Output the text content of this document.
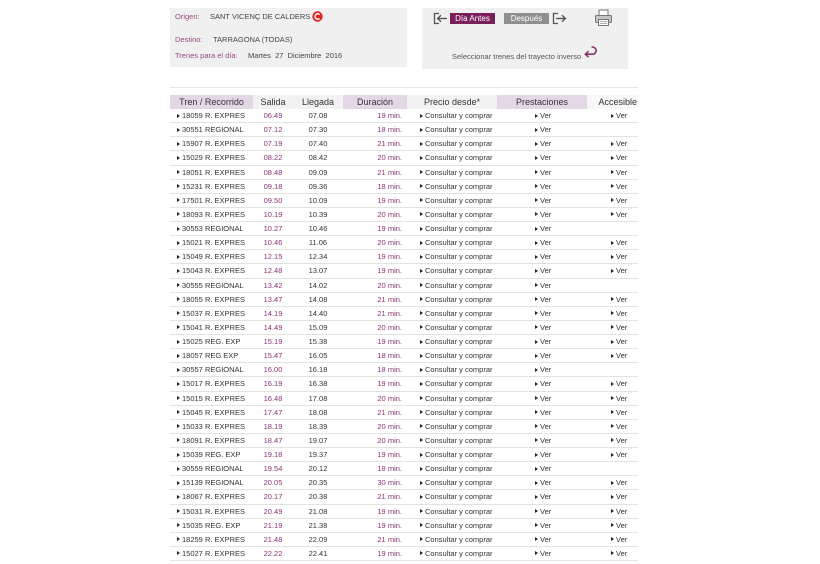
Origen: SANT VICENÇ DE CALDERS
Destino: TARRAGONA (TODAS)
Trenes para el día: Martes  27  Diciembre  2016
Día Antes	Después
Seleccionar trenes del trayecto inverso
Tren / Recorrido	Salida	Llegada	Duración	Precio desde*	Prestaciones	Accesible
18059 R. EXPRES	06.49	07.08	19 min.	Consultar y comprar	Ver	Ver
30551 REGIONAL	07.12	07.30	18 min.	Consultar y comprar	Ver
15907 R. EXPRES	07.19	07.40	21 min.	Consultar y comprar	Ver	Ver
15029 R. EXPRES	08.22	08.42	20 min.	Consultar y comprar	Ver	Ver
18051 R. EXPRES	08.48	09.09	21 min.	Consultar y comprar	Ver	Ver
15231 R. EXPRES	09.18	09.36	18 min.	Consultar y comprar	Ver	Ver
17501 R. EXPRES	09.50	10.09	19 min.	Consultar y comprar	Ver	Ver
18093 R. EXPRES	10.19	10.39	20 min.	Consultar y comprar	Ver	Ver
30553 REGIONAL	10.27	10.46	19 min.	Consultar y comprar	Ver
15021 R. EXPRES	10.46	11.06	20 min.	Consultar y comprar	Ver	Ver
15049 R. EXPRES	12.15	12.34	19 min.	Consultar y comprar	Ver	Ver
15043 R. EXPRES	12.48	13.07	19 min.	Consultar y comprar	Ver	Ver
30555 REGIONAL	13.42	14.02	20 min.	Consultar y comprar	Ver
18055 R. EXPRES	13.47	14.08	21 min.	Consultar y comprar	Ver	Ver
15037 R. EXPRES	14.19	14.40	21 min.	Consultar y comprar	Ver	Ver
15041 R. EXPRES	14.49	15.09	20 min.	Consultar y comprar	Ver	Ver
15025 REG. EXP	15.19	15.38	19 min.	Consultar y comprar	Ver	Ver
18057 REG EXP	15.47	16.05	18 min.	Consultar y comprar	Ver	Ver
30557 REGIONAL	16.00	16.18	18 min.	Consultar y comprar	Ver
15017 R. EXPRES	16.19	16.38	19 min.	Consultar y comprar	Ver	Ver
15015 R. EXPRES	16.48	17.08	20 min.	Consultar y comprar	Ver	Ver
15045 R. EXPRES	17.47	18.08	21 min.	Consultar y comprar	Ver	Ver
15033 R. EXPRES	18.19	18.39	20 min.	Consultar y comprar	Ver	Ver
18091 R. EXPRES	18.47	19.07	20 min.	Consultar y comprar	Ver	Ver
15039 REG. EXP	19.18	19.37	19 min.	Consultar y comprar	Ver	Ver
30559 REGIONAL	19.54	20.12	18 min.	Consultar y comprar	Ver
15139 REGIONAL	20.05	20.35	30 min.	Consultar y comprar	Ver	Ver
18067 R. EXPRES	20.17	20.38	21 min.	Consultar y comprar	Ver	Ver
15031 R. EXPRES	20.49	21.08	19 min.	Consultar y comprar	Ver	Ver
15035 REG. EXP	21.19	21.38	19 min.	Consultar y comprar	Ver	Ver
18259 R. EXPRES	21.48	22.09	21 min.	Consultar y comprar	Ver	Ver
15027 R. EXPRES	22.22	22.41	19 min.	Consultar y comprar	Ver	Ver
